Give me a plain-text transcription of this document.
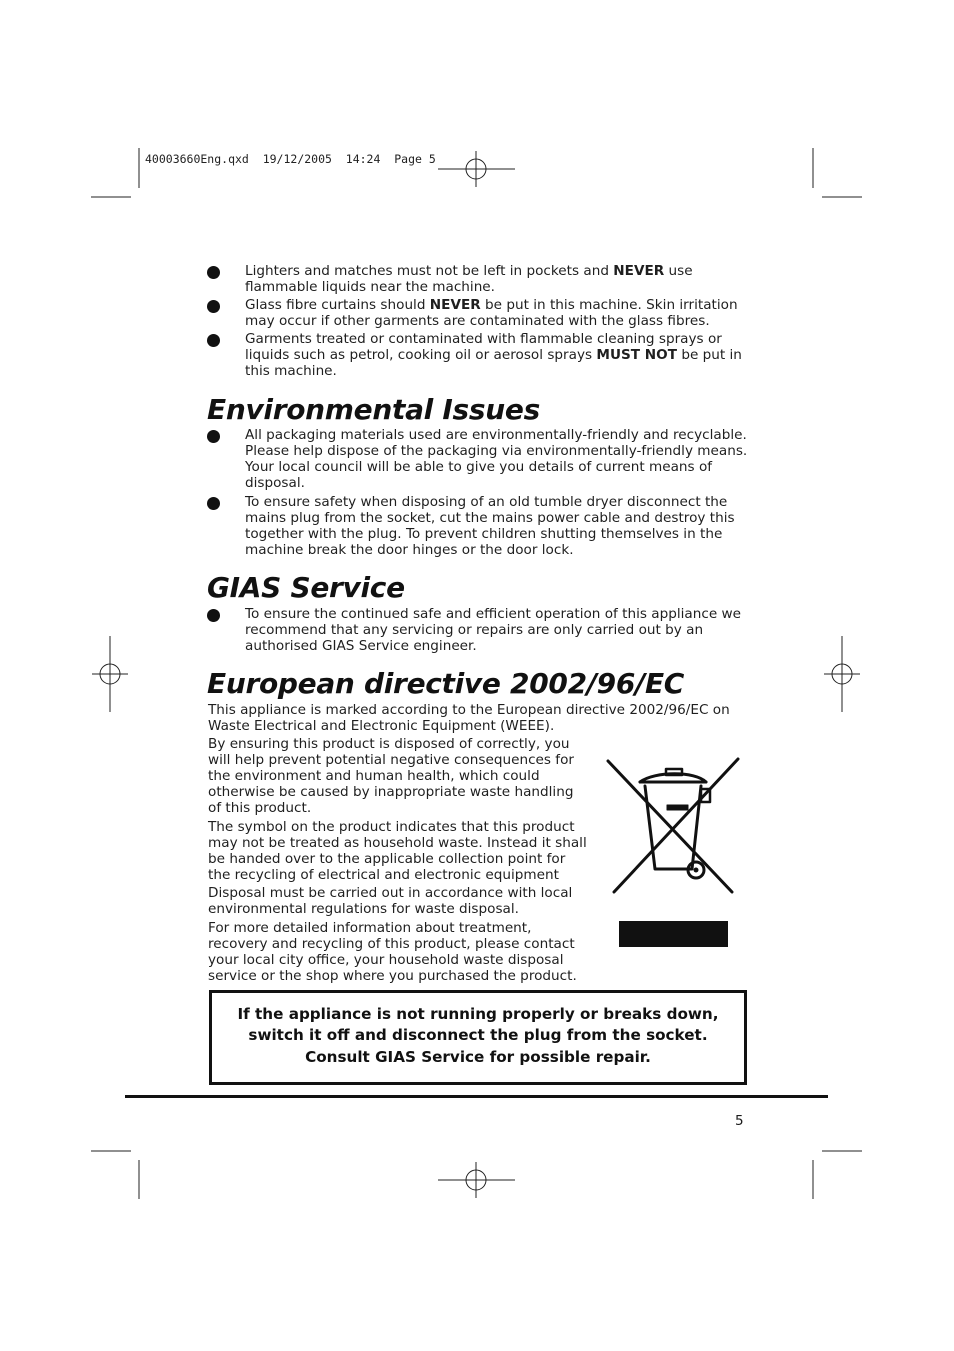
40003660Eng.qxd  19/12/2005  14:24  Page 5
Lighters and matches must not be left in pockets and NEVER use
flammable liquids near the machine.
Glass fibre curtains should NEVER be put in this machine. Skin irritation
may occur if other garments are contaminated with the glass fibres.
Garments treated or contaminated with flammable cleaning sprays or
liquids such as petrol, cooking oil or aerosol sprays MUST NOT be put in
this machine.
Environmental Issues
All packaging materials used are environmentally-friendly and recyclable.
Please help dispose of the packaging via environmentally-friendly means.
Your local council will be able to give you details of current means of
disposal.
To ensure safety when disposing of an old tumble dryer disconnect the
mains plug from the socket, cut the mains power cable and destroy this
together with the plug. To prevent children shutting themselves in the
machine break the door hinges or the door lock.
GIAS Service
To ensure the continued safe and efficient operation of this appliance we
recommend that any servicing or repairs are only carried out by an
authorised GIAS Service engineer.
European directive 2002/96/EC
This appliance is marked according to the European directive 2002/96/EC on
Waste Electrical and Electronic Equipment (WEEE).
By ensuring this product is disposed of correctly, you
will help prevent potential negative consequences for
the environment and human health, which could
otherwise be caused by inappropriate waste handling
of this product.
The symbol on the product indicates that this product
may not be treated as household waste. Instead it shall
be handed over to the applicable collection point for
the recycling of electrical and electronic equipment
Disposal must be carried out in accordance with local
environmental regulations for waste disposal.
For more detailed information about treatment,
recovery and recycling of this product, please contact
your local city office, your household waste disposal
service or the shop where you purchased the product.
If the appliance is not running properly or breaks down,
switch it off and disconnect the plug from the socket.
Consult GIAS Service for possible repair.
5
